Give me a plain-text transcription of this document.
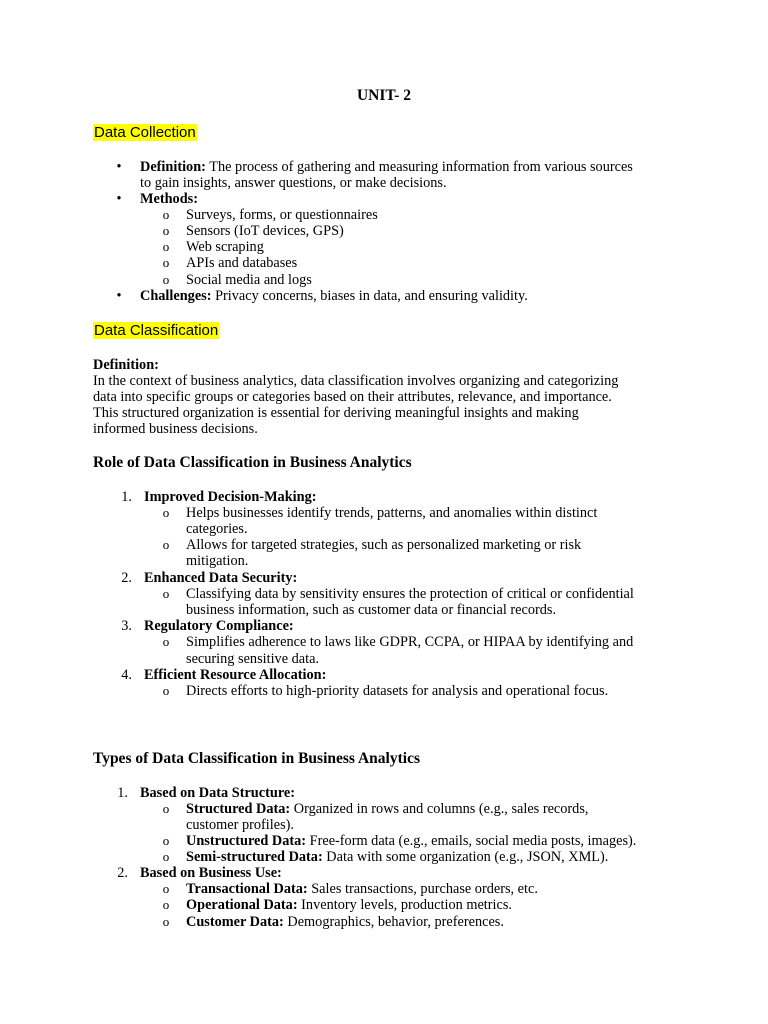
UNIT- 2
Data Collection
• Definition: The process of gathering and measuring information from various sources
to gain insights, answer questions, or make decisions.
• Methods:
o Surveys, forms, or questionnaires
o Sensors (IoT devices, GPS)
o Web scraping
o APIs and databases
o Social media and logs
• Challenges: Privacy concerns, biases in data, and ensuring validity.
Data Classification
Definition:
In the context of business analytics, data classification involves organizing and categorizing
data into specific groups or categories based on their attributes, relevance, and importance.
This structured organization is essential for deriving meaningful insights and making
informed business decisions.
Role of Data Classification in Business Analytics
1. Improved Decision-Making:
o Helps businesses identify trends, patterns, and anomalies within distinct
categories.
o Allows for targeted strategies, such as personalized marketing or risk
mitigation.
2. Enhanced Data Security:
o Classifying data by sensitivity ensures the protection of critical or confidential
business information, such as customer data or financial records.
3. Regulatory Compliance:
o Simplifies adherence to laws like GDPR, CCPA, or HIPAA by identifying and
securing sensitive data.
4. Efficient Resource Allocation:
o Directs efforts to high-priority datasets for analysis and operational focus.
Types of Data Classification in Business Analytics
1. Based on Data Structure:
o Structured Data: Organized in rows and columns (e.g., sales records,
customer profiles).
o Unstructured Data: Free-form data (e.g., emails, social media posts, images).
o Semi-structured Data: Data with some organization (e.g., JSON, XML).
2. Based on Business Use:
o Transactional Data: Sales transactions, purchase orders, etc.
o Operational Data: Inventory levels, production metrics.
o Customer Data: Demographics, behavior, preferences.
